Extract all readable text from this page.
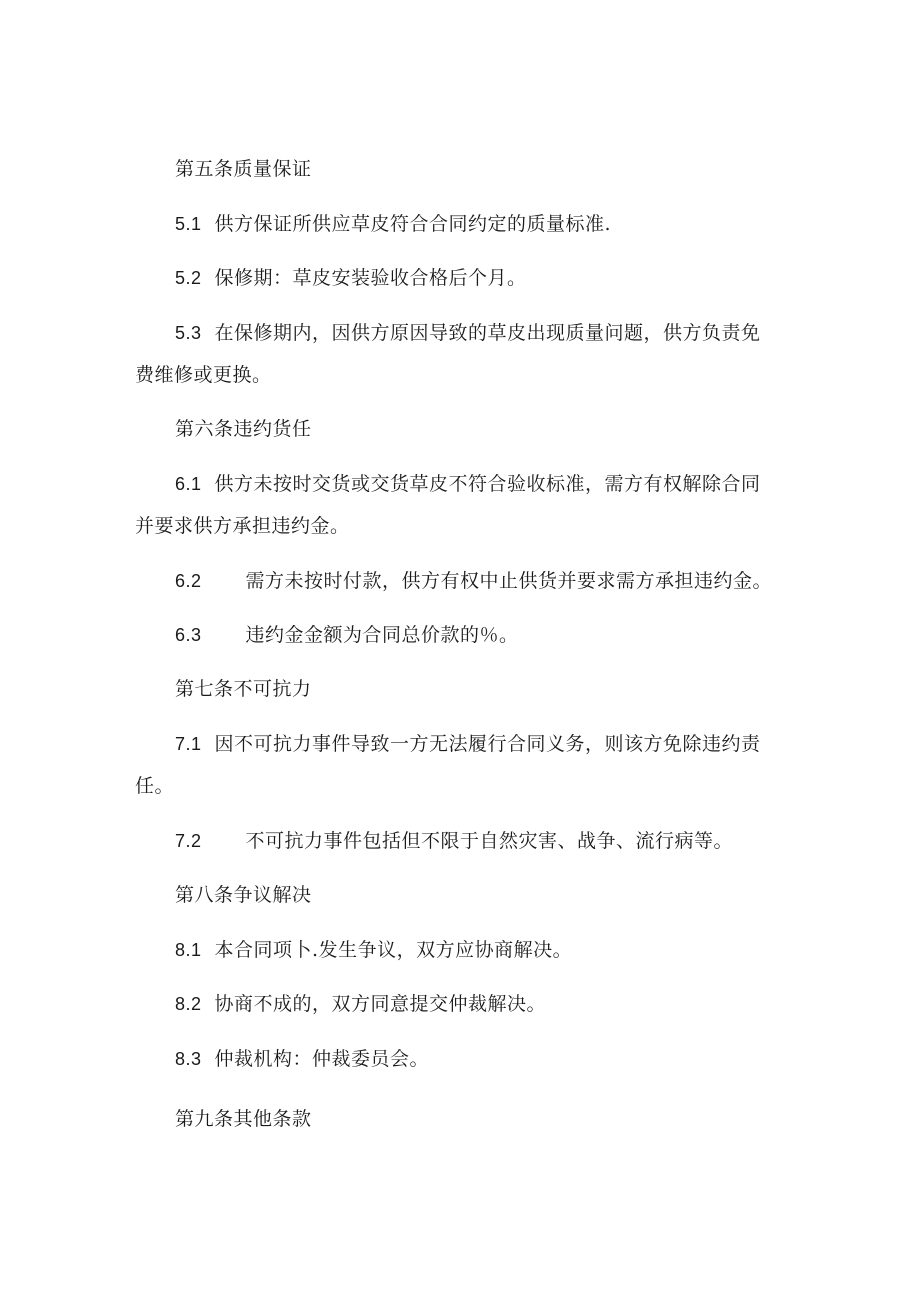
第五条质量保证
5.1 供方保证所供应草皮符合合同约定的质量标准.
5.2 保修期：草皮安装验收合格后个月。
5.3 在保修期内，因供方原因导致的草皮出现质量问题，供方负责免
费维修或更换。
第六条违约货任
6.1 供方未按时交货或交货草皮不符合验收标准，需方有权解除合同
并要求供方承担违约金。
6.2 需方未按时付款，供方有权中止供货并要求需方承担违约金。
6.3 违约金金额为合同总价款的％。
第七条不可抗力
7.1 因不可抗力事件导致一方无法履行合同义务，则该方免除违约责
任。
7.2 不可抗力事件包括但不限于自然灾害、战争、流行病等。
第八条争议解决
8.1 本合同项卜.发生争议，双方应协商解决。
8.2 协商不成的，双方同意提交仲裁解决。
8.3 仲裁机构：仲裁委员会。
第九条其他条款
